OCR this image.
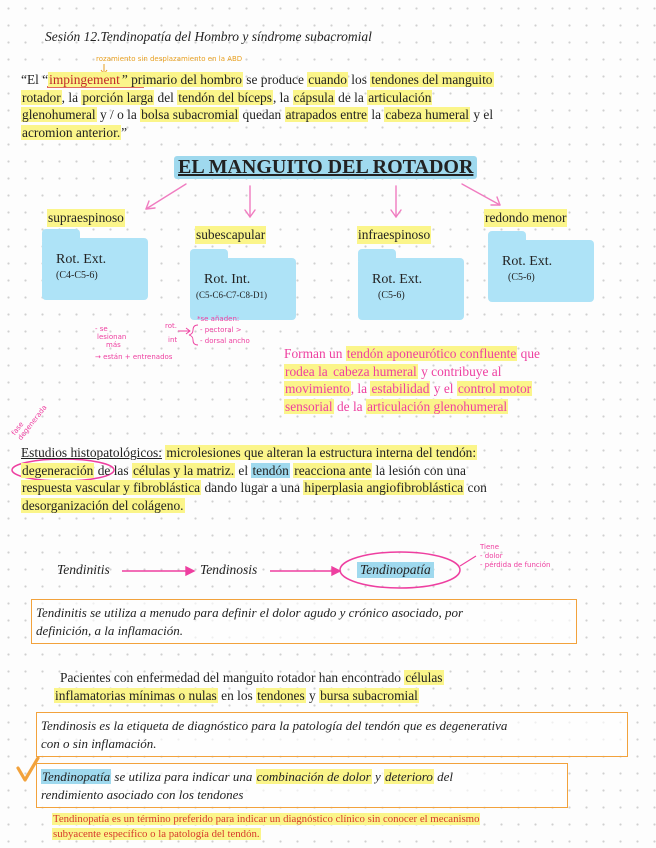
Sesión 12.Tendinopatía del Hombro y síndrome subacromial
rozamiento sin desplazamiento en la ABD
“El “impingement ” primario del hombro se produce cuando los tendones del manguito
rotador, la porción larga del tendón del bíceps, la cápsula de la articulación
glenohumeral y / o la bolsa subacromial quedan atrapados entre la cabeza humeral y el
acromion anterior.”
EL MANGUITO DEL ROTADOR
supraespinoso
subescapular	infraespinoso
redondo menor
Rot. Ext.
(C4-C5-6)	Rot. Int.
(C5-C6-C7-C8-D1)
Rot. Ext.
(C5-6)
Rot. Ext.
(C5-6)
*se añaden:
- pectoral >
- dorsal ancho
- se
lesionan
más
rot.
int
→ están + entrenados
fase degenerada
Tiene
- dolor
- pérdida de función
Forman un tendón aponeurótico confluente que
rodea la cabeza humeral y contribuye al
movimiento, la estabilidad y el control motor
sensorial de la articulación glenohumeral
Estudios histopatológicos: microlesiones que alteran la estructura interna del tendón:
degeneración de las células y la matriz. el tendón reacciona ante la lesión con una
respuesta vascular y fibroblástica dando lugar a una hiperplasia angiofibroblástica con
desorganización del colágeno.
Tendinitis	Tendinosis	Tendinopatía
Tendinitis se utiliza a menudo para definir el dolor agudo y crónico asociado, por
definición, a la inflamación.
Pacientes con enfermedad del manguito rotador han encontrado células
inflamatorias mínimas o nulas en los tendones y bursa subacromial
Tendinosis es la etiqueta de diagnóstico para la patología del tendón que es degenerativa
con o sin inflamación.
Tendinopatía se utiliza para indicar una combinación de dolor y deterioro del
rendimiento asociado con los tendones
Tendinopatía es un término preferido para indicar un diagnóstico clínico sin conocer el mecanismo
subyacente específico o la patología del tendón.
